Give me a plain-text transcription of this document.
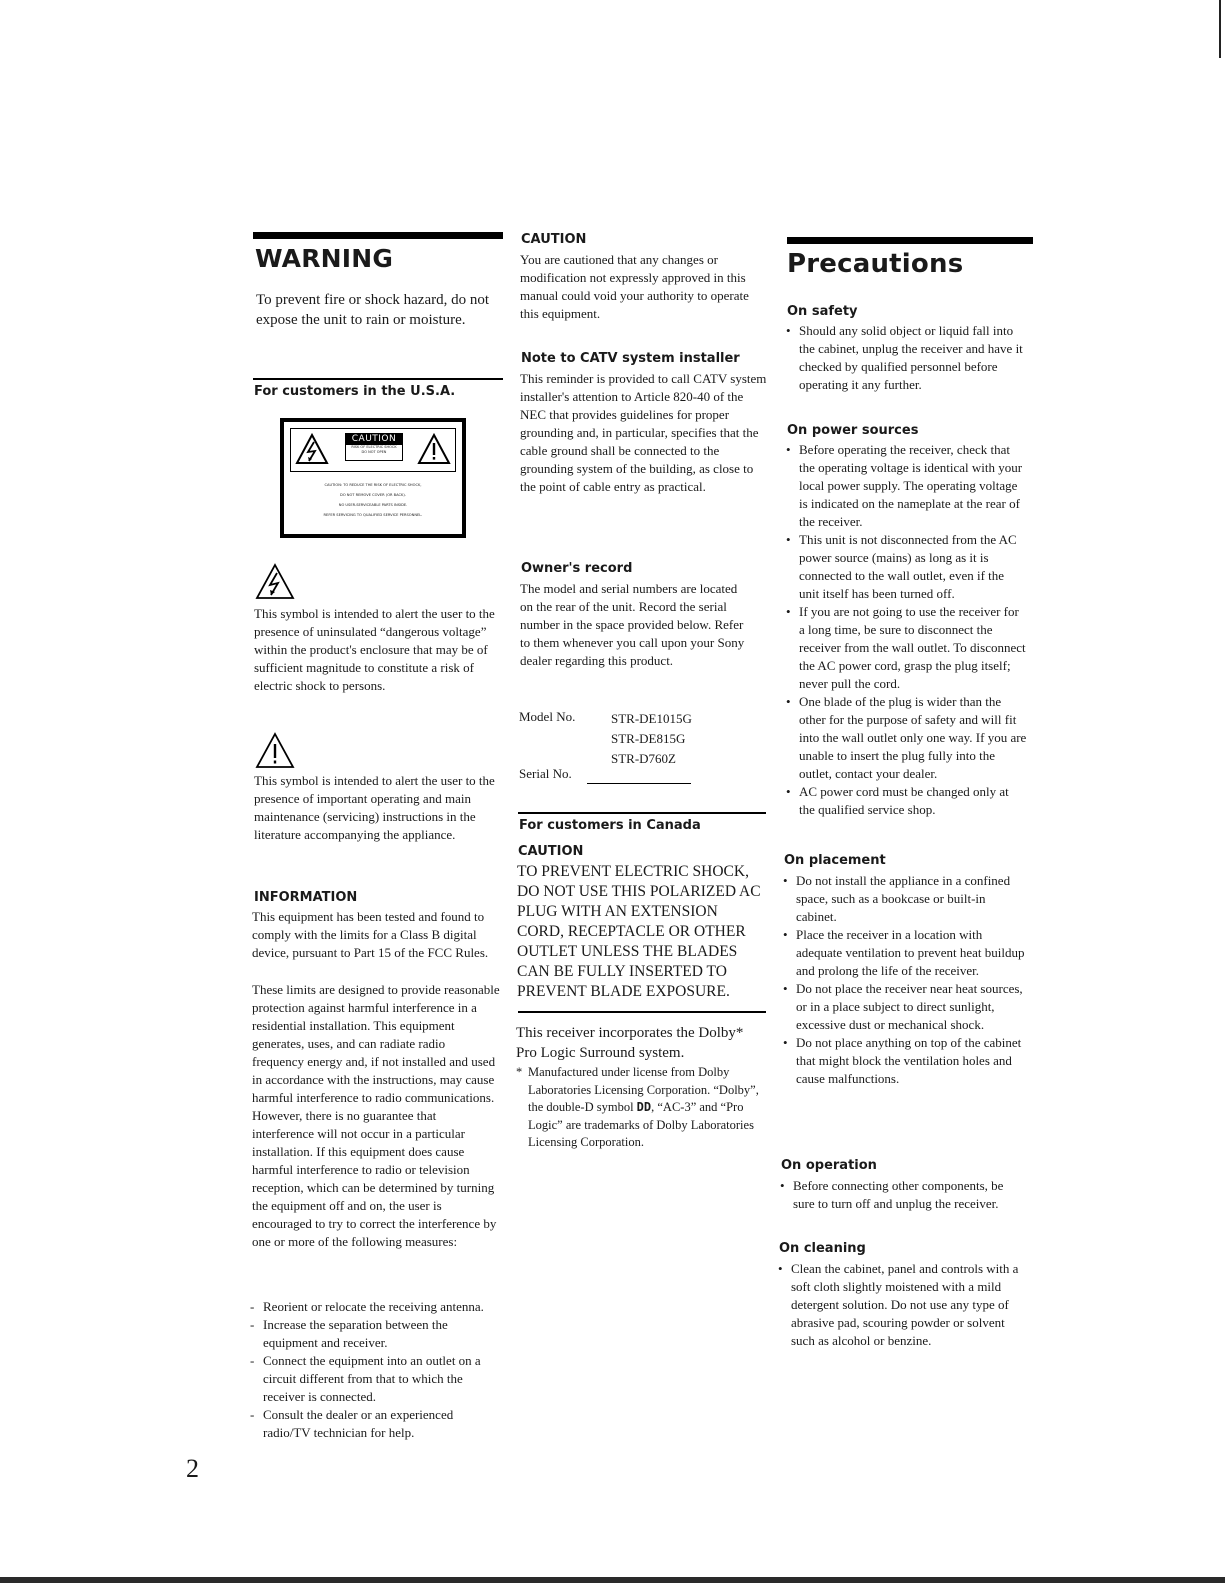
WARNING

To prevent fire or shock hazard, do not expose the unit to rain or moisture.

For customers in the U.S.A.
CAUTION
RISK OF ELECTRIC SHOCK
DO NOT OPEN
CAUTION: TO REDUCE THE RISK OF ELECTRIC SHOCK,
DO NOT REMOVE COVER (OR BACK).
NO USER-SERVICEABLE PARTS INSIDE.
REFER SERVICING TO QUALIFIED SERVICE PERSONNEL.

This symbol is intended to alert the user to the presence of uninsulated “dangerous voltage” within the product's enclosure that may be of sufficient magnitude to constitute a risk of electric shock to persons.

This symbol is intended to alert the user to the presence of important operating and main maintenance (servicing) instructions in the literature accompanying the appliance.

INFORMATION

This equipment has been tested and found to comply with the limits for a Class B digital device, pursuant to Part 15 of the FCC Rules.

These limits are designed to provide reasonable protection against harmful interference in a residential installation. This equipment generates, uses, and can radiate radio frequency energy and, if not installed and used in accordance with the instructions, may cause harmful interference to radio communications. However, there is no guarantee that interference will not occur in a particular installation. If this equipment does cause harmful interference to radio or television reception, which can be determined by turning the equipment off and on, the user is encouraged to try to correct the interference by one or more of the following measures:

- Reorient or relocate the receiving antenna.
- Increase the separation between the equipment and receiver.
- Connect the equipment into an outlet on a circuit different from that to which the receiver is connected.
- Consult the dealer or an experienced radio/TV technician for help.

2

CAUTION

You are cautioned that any changes or modification not expressly approved in this manual could void your authority to operate this equipment.

Note to CATV system installer

This reminder is provided to call CATV system installer's attention to Article 820-40 of the NEC that provides guidelines for proper grounding and, in particular, specifies that the cable ground shall be connected to the grounding system of the building, as close to the point of cable entry as practical.

Owner's record

The model and serial numbers are located on the rear of the unit. Record the serial number in the space provided below. Refer to them whenever you call upon your Sony dealer regarding this product.

Model No.	STR-DE1015G
STR-DE815G
STR-D760Z
Serial No.
For customers in Canada
CAUTION

TO PREVENT ELECTRIC SHOCK, DO NOT USE THIS POLARIZED AC PLUG WITH AN EXTENSION CORD, RECEPTACLE OR OTHER OUTLET UNLESS THE BLADES CAN BE FULLY INSERTED TO PREVENT BLADE EXPOSURE.

This receiver incorporates the Dolby* Pro Logic Surround system.

* Manufactured under license from Dolby Laboratories Licensing Corporation. “Dolby”, the double-D symbol DD, “AC-3” and “Pro Logic” are trademarks of Dolby Laboratories Licensing Corporation.

Precautions
On safety
• Should any solid object or liquid fall into the cabinet, unplug the receiver and have it checked by qualified personnel before operating it any further.
On power sources
• Before operating the receiver, check that the operating voltage is identical with your local power supply. The operating voltage is indicated on the nameplate at the rear of the receiver.
• This unit is not disconnected from the AC power source (mains) as long as it is connected to the wall outlet, even if the unit itself has been turned off.
• If you are not going to use the receiver for a long time, be sure to disconnect the receiver from the wall outlet. To disconnect the AC power cord, grasp the plug itself; never pull the cord.
• One blade of the plug is wider than the other for the purpose of safety and will fit into the wall outlet only one way. If you are unable to insert the plug fully into the outlet, contact your dealer.
• AC power cord must be changed only at the qualified service shop.
On placement
• Do not install the appliance in a confined space, such as a bookcase or built-in cabinet.
• Place the receiver in a location with adequate ventilation to prevent heat buildup and prolong the life of the receiver.
• Do not place the receiver near heat sources, or in a place subject to direct sunlight, excessive dust or mechanical shock.
• Do not place anything on top of the cabinet that might block the ventilation holes and cause malfunctions.
On operation
• Before connecting other components, be sure to turn off and unplug the receiver.
On cleaning
• Clean the cabinet, panel and controls with a soft cloth slightly moistened with a mild detergent solution. Do not use any type of abrasive pad, scouring powder or solvent such as alcohol or benzine.
